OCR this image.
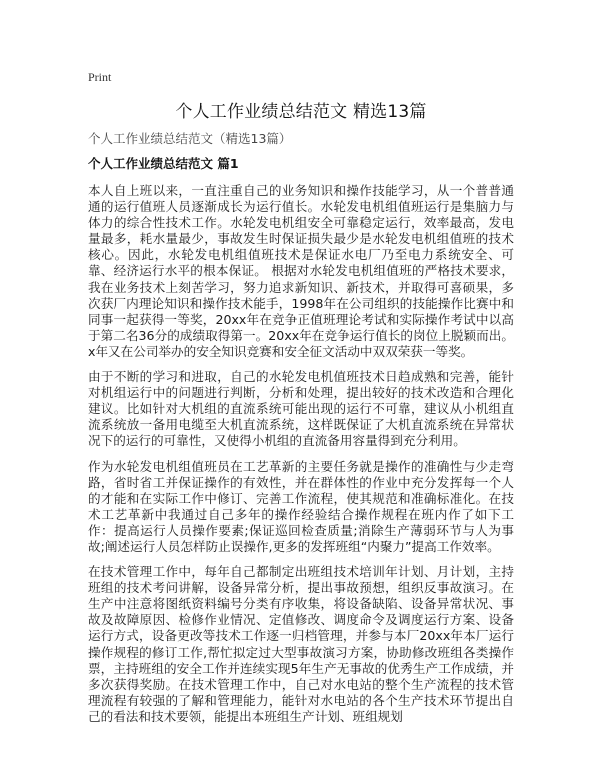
Print
个人工作业绩总结范文 精选13篇
个人工作业绩总结范文（精选13篇）
个人工作业绩总结范文 篇1

本人自上班以来，一直注重自己的业务知识和操作技能学习，从一个普普通通的运行值班人员逐渐成长为运行值长。水轮发电机组值班运行是集脑力与体力的综合性技术工作。水轮发电机组安全可靠稳定运行，效率最高，发电量最多，耗水量最少，事故发生时保证损失最少是水轮发电机组值班的技术核心。因此，水轮发电机组值班技术是保证水电厂乃至电力系统安全、可靠、经济运行水平的根本保证。 根据对水轮发电机组值班的严格技术要求，我在业务技术上刻苦学习，努力追求新知识、新技术，并取得可喜硕果，多次获厂内理论知识和操作技术能手，1998年在公司组织的技能操作比赛中和同事一起获得一等奖，20xx年在竞争正值班理论考试和实际操作考试中以高于第二名36分的成绩取得第一。20xx年在竞争运行值长的岗位上脱颖而出。x年又在公司举办的安全知识竞赛和安全征文活动中双双荣获一等奖。

由于不断的学习和进取，自己的水轮发电机值班技术日趋成熟和完善，能针对机组运行中的问题进行判断，分析和处理，提出较好的技术改造和合理化建议。比如针对大机组的直流系统可能出现的运行不可靠，建议从小机组直流系统放一备用电缆至大机直流系统，这样既保证了大机直流系统在异常状况下的运行的可靠性，又使得小机组的直流备用容量得到充分利用。

作为水轮发电机组值班员在工艺革新的主要任务就是操作的准确性与少走弯路，省时省工并保证操作的有效性，并在群体性的作业中充分发挥每一个人的才能和在实际工作中修订、完善工作流程，使其规范和准确标准化。在技术工艺革新中我通过自己多年的操作经验结合操作规程在班内作了如下工作：提高运行人员操作要素;保证巡回检查质量;消除生产薄弱环节与人为事故;阐述运行人员怎样防止误操作,更多的发挥班组“内聚力”提高工作效率。

在技术管理工作中，每年自己都制定出班组技术培训年计划、月计划，主持班组的技术考问讲解，设备异常分析，提出事故预想，组织反事故演习。在生产中注意将图纸资料编号分类有序收集，将设备缺陷、设备异常状况、事故及故障原因、检修作业情况、定值修改、调度命令及调度运行方案、设备运行方式，设备更改等技术工作逐一归档管理，并参与本厂20xx年本厂运行操作规程的修订工作,帮忙拟定过大型事故演习方案，协助修改班组各类操作票，主持班组的安全工作并连续实现5年生产无事故的优秀生产工作成绩，并多次获得奖励。在技术管理工作中，自己对水电站的整个生产流程的技术管理流程有较强的了解和管理能力，能针对水电站的各个生产技术环节提出自己的看法和技术要领，能提出本班组生产计划、班组规划
